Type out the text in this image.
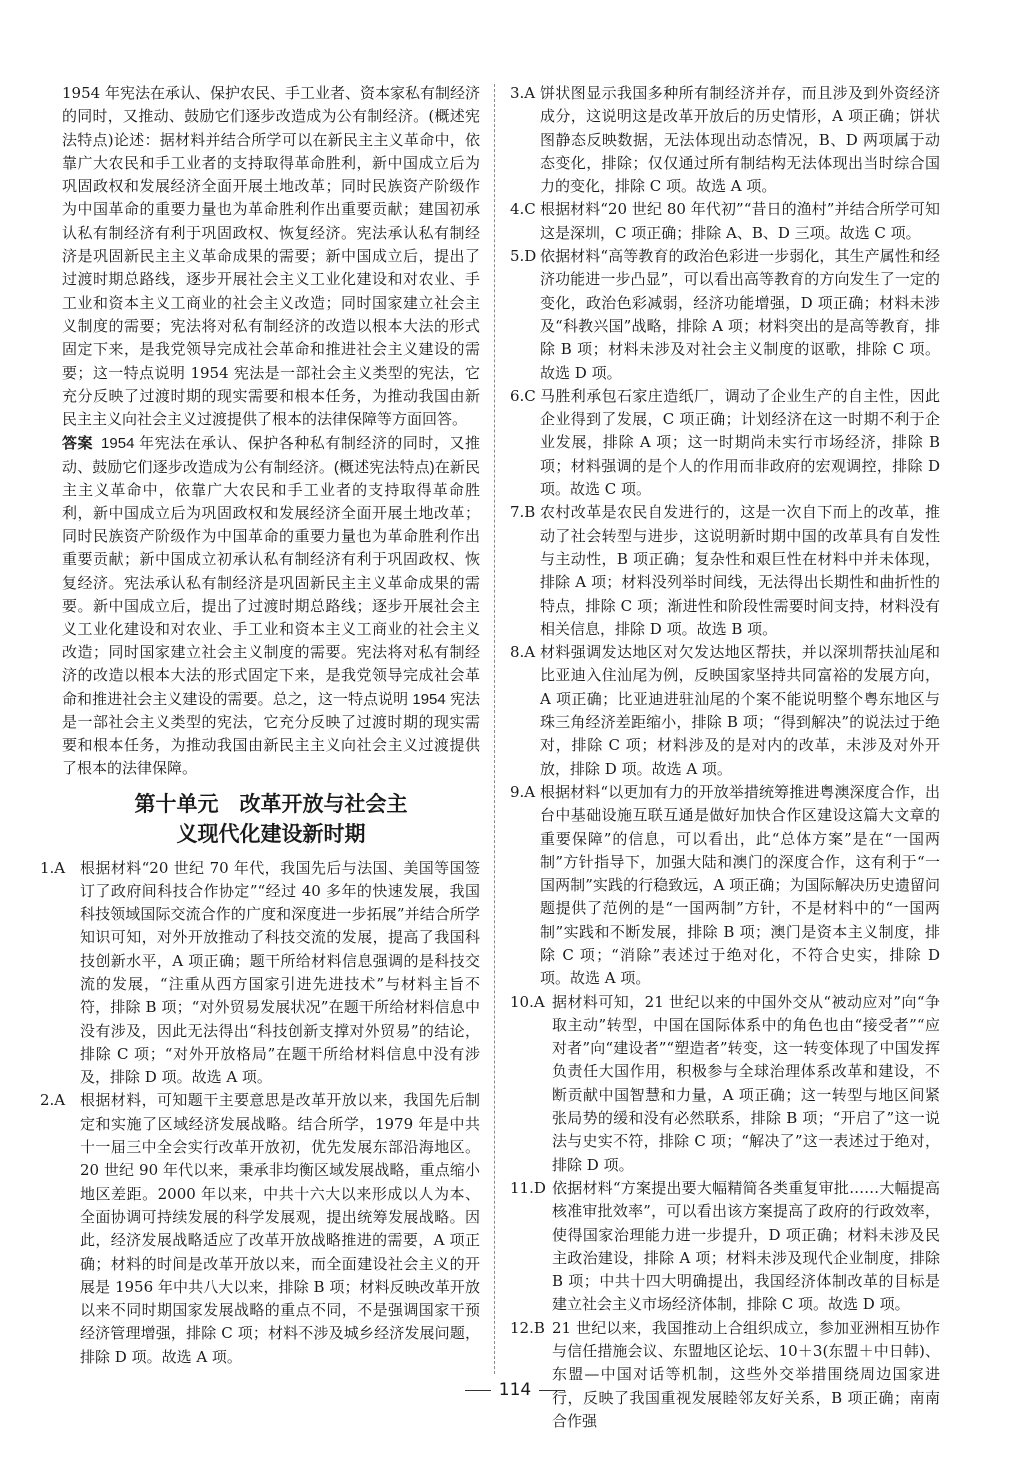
1954 年宪法在承认、保护农民、手工业者、资本家私有制经济的同时，又推动、鼓励它们逐步改造成为公有制经济。(概述宪法特点)论述：据材料并结合所学可以在新民主主义革命中，依靠广大农民和手工业者的支持取得革命胜利，新中国成立后为巩固政权和发展经济全面开展土地改革；同时民族资产阶级作为中国革命的重要力量也为革命胜利作出重要贡献；建国初承认私有制经济有利于巩固政权、恢复经济。宪法承认私有制经济是巩固新民主主义革命成果的需要；新中国成立后，提出了过渡时期总路线，逐步开展社会主义工业化建设和对农业、手工业和资本主义工商业的社会主义改造；同时国家建立社会主义制度的需要；宪法将对私有制经济的改造以根本大法的形式固定下来，是我党领导完成社会革命和推进社会主义建设的需要；这一特点说明 1954 宪法是一部社会主义类型的宪法，它充分反映了过渡时期的现实需要和根本任务，为推动我国由新民主主义向社会主义过渡提供了根本的法律保障等方面回答。

答案 1954 年宪法在承认、保护各种私有制经济的同时，又推动、鼓励它们逐步改造成为公有制经济。(概述宪法特点)在新民主主义革命中，依靠广大农民和手工业者的支持取得革命胜利，新中国成立后为巩固政权和发展经济全面开展土地改革；同时民族资产阶级作为中国革命的重要力量也为革命胜利作出重要贡献；新中国成立初承认私有制经济有利于巩固政权、恢复经济。宪法承认私有制经济是巩固新民主主义革命成果的需要。新中国成立后，提出了过渡时期总路线；逐步开展社会主义工业化建设和对农业、手工业和资本主义工商业的社会主义改造；同时国家建立社会主义制度的需要。宪法将对私有制经济的改造以根本大法的形式固定下来，是我党领导完成社会革命和推进社会主义建设的需要。总之，这一特点说明 1954 宪法是一部社会主义类型的宪法，它充分反映了过渡时期的现实需要和根本任务，为推动我国由新民主主义向社会主义过渡提供了根本的法律保障。

第十单元　改革开放与社会主
义现代化建设新时期
1.A 根据材料“20 世纪 70 年代，我国先后与法国、美国等国签订了政府间科技合作协定”“经过 40 多年的快速发展，我国科技领域国际交流合作的广度和深度进一步拓展”并结合所学知识可知，对外开放推动了科技交流的发展，提高了我国科技创新水平，A 项正确；题干所给材料信息强调的是科技交流的发展，“注重从西方国家引进先进技术”与材料主旨不符，排除 B 项；“对外贸易发展状况”在题干所给材料信息中没有涉及，因此无法得出“科技创新支撑对外贸易”的结论，排除 C 项；“对外开放格局”在题干所给材料信息中没有涉及，排除 D 项。故选 A 项。
2.A 根据材料，可知题干主要意思是改革开放以来，我国先后制定和实施了区域经济发展战略。结合所学，1979 年是中共十一届三中全会实行改革开放初，优先发展东部沿海地区。20 世纪 90 年代以来，秉承非均衡区域发展战略，重点缩小地区差距。2000 年以来，中共十六大以来形成以人为本、全面协调可持续发展的科学发展观，提出统筹发展战略。因此，经济发展战略适应了改革开放战略推进的需要，A 项正确；材料的时间是改革开放以来，而全面建设社会主义的开展是 1956 年中共八大以来，排除 B 项；材料反映改革开放以来不同时期国家发展战略的重点不同，不是强调国家干预经济管理增强，排除 C 项；材料不涉及城乡经济发展问题，排除 D 项。故选 A 项。
3.A 饼状图显示我国多种所有制经济并存，而且涉及到外资经济成分，这说明这是改革开放后的历史情形，A 项正确；饼状图静态反映数据，无法体现出动态情况，B、D 两项属于动态变化，排除；仅仅通过所有制结构无法体现出当时综合国力的变化，排除 C 项。故选 A 项。
4.C 根据材料“20 世纪 80 年代初”“昔日的渔村”并结合所学可知这是深圳，C 项正确；排除 A、B、D 三项。故选 C 项。
5.D 依据材料“高等教育的政治色彩进一步弱化，其生产属性和经济功能进一步凸显”，可以看出高等教育的方向发生了一定的变化，政治色彩减弱，经济功能增强，D 项正确；材料未涉及“科教兴国”战略，排除 A 项；材料突出的是高等教育，排除 B 项；材料未涉及对社会主义制度的讴歌，排除 C 项。故选 D 项。
6.C 马胜利承包石家庄造纸厂，调动了企业生产的自主性，因此企业得到了发展，C 项正确；计划经济在这一时期不利于企业发展，排除 A 项；这一时期尚未实行市场经济，排除 B 项；材料强调的是个人的作用而非政府的宏观调控，排除 D 项。故选 C 项。
7.B 农村改革是农民自发进行的，这是一次自下而上的改革，推动了社会转型与进步，这说明新时期中国的改革具有自发性与主动性，B 项正确；复杂性和艰巨性在材料中并未体现，排除 A 项；材料没列举时间线，无法得出长期性和曲折性的特点，排除 C 项；渐进性和阶段性需要时间支持，材料没有相关信息，排除 D 项。故选 B 项。
8.A 材料强调发达地区对欠发达地区帮扶，并以深圳帮扶汕尾和比亚迪入住汕尾为例，反映国家坚持共同富裕的发展方向，A 项正确；比亚迪进驻汕尾的个案不能说明整个粤东地区与珠三角经济差距缩小，排除 B 项；“得到解决”的说法过于绝对，排除 C 项；材料涉及的是对内的改革，未涉及对外开放，排除 D 项。故选 A 项。
9.A 根据材料“以更加有力的开放举措统筹推进粤澳深度合作，出台中基础设施互联互通是做好加快合作区建设这篇大文章的重要保障”的信息，可以看出，此“总体方案”是在“一国两制”方针指导下，加强大陆和澳门的深度合作，这有利于“一国两制”实践的行稳致远，A 项正确；为国际解决历史遗留问题提供了范例的是“一国两制”方针，不是材料中的“一国两制”实践和不断发展，排除 B 项；澳门是资本主义制度，排除 C 项；“消除”表述过于绝对化，不符合史实，排除 D 项。故选 A 项。
10.A 据材料可知，21 世纪以来的中国外交从“被动应对”向“争取主动”转型，中国在国际体系中的角色也由“接受者”“应对者”向“建设者”“塑造者”转变，这一转变体现了中国发挥负责任大国作用，积极参与全球治理体系改革和建设，不断贡献中国智慧和力量，A 项正确；这一转型与地区间紧张局势的缓和没有必然联系，排除 B 项；“开启了”这一说法与史实不符，排除 C 项；“解决了”这一表述过于绝对，排除 D 项。
11.D 依据材料“方案提出要大幅精简各类重复审批……大幅提高核准审批效率”，可以看出该方案提高了政府的行政效率，使得国家治理能力进一步提升，D 项正确；材料未涉及民主政治建设，排除 A 项；材料未涉及现代企业制度，排除 B 项；中共十四大明确提出，我国经济体制改革的目标是建立社会主义市场经济体制，排除 C 项。故选 D 项。
12.B 21 世纪以来，我国推动上合组织成立，参加亚洲相互协作与信任措施会议、东盟地区论坛、10＋3(东盟＋中日韩)、东盟—中国对话等机制，这些外交举措围绕周边国家进行，反映了我国重视发展睦邻友好关系，B 项正确；南南合作强
114
